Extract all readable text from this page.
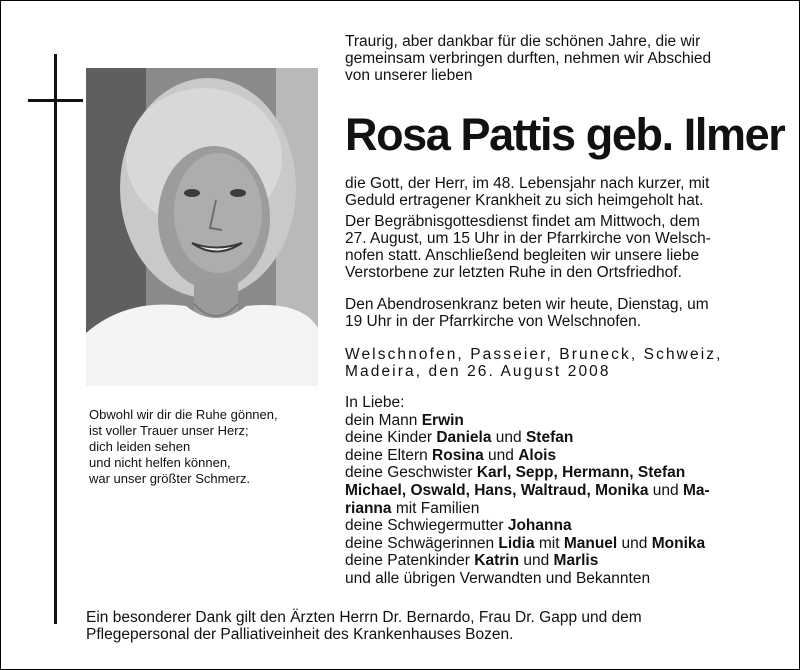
Obwohl wir dir die Ruhe gönnen,
ist voller Trauer unser Herz;
dich leiden sehen
und nicht helfen können,
war unser größter Schmerz.
Traurig, aber dankbar für die schönen Jahre, die wir
gemeinsam verbringen durften, nehmen wir Abschied
von unserer lieben
Rosa Pattis geb. Ilmer
die Gott, der Herr, im 48. Lebensjahr nach kurzer, mit
Geduld ertragener Krankheit zu sich heimgeholt hat.
Der Begräbnisgottesdienst findet am Mittwoch, dem
27. August, um 15 Uhr in der Pfarrkirche von Welsch-
nofen statt. Anschließend begleiten wir unsere liebe
Verstorbene zur letzten Ruhe in den Ortsfriedhof.
Den Abendrosenkranz beten wir heute, Dienstag, um
19 Uhr in der Pfarrkirche von Welschnofen.
Welschnofen, Passeier, Bruneck, Schweiz,
Madeira, den 26. August 2008
In Liebe:
dein Mann Erwin
deine Kinder Daniela und Stefan
deine Eltern Rosina und Alois
deine Geschwister Karl, Sepp, Hermann, Stefan
Michael, Oswald, Hans, Waltraud, Monika und Ma-
rianna mit Familien
deine Schwiegermutter Johanna
deine Schwägerinnen Lidia mit Manuel und Monika
deine Patenkinder Katrin und Marlis
und alle übrigen Verwandten und Bekannten
Ein besonderer Dank gilt den Ärzten Herrn Dr. Bernardo, Frau Dr. Gapp und dem
Pflegepersonal der Palliativeinheit des Krankenhauses Bozen.
